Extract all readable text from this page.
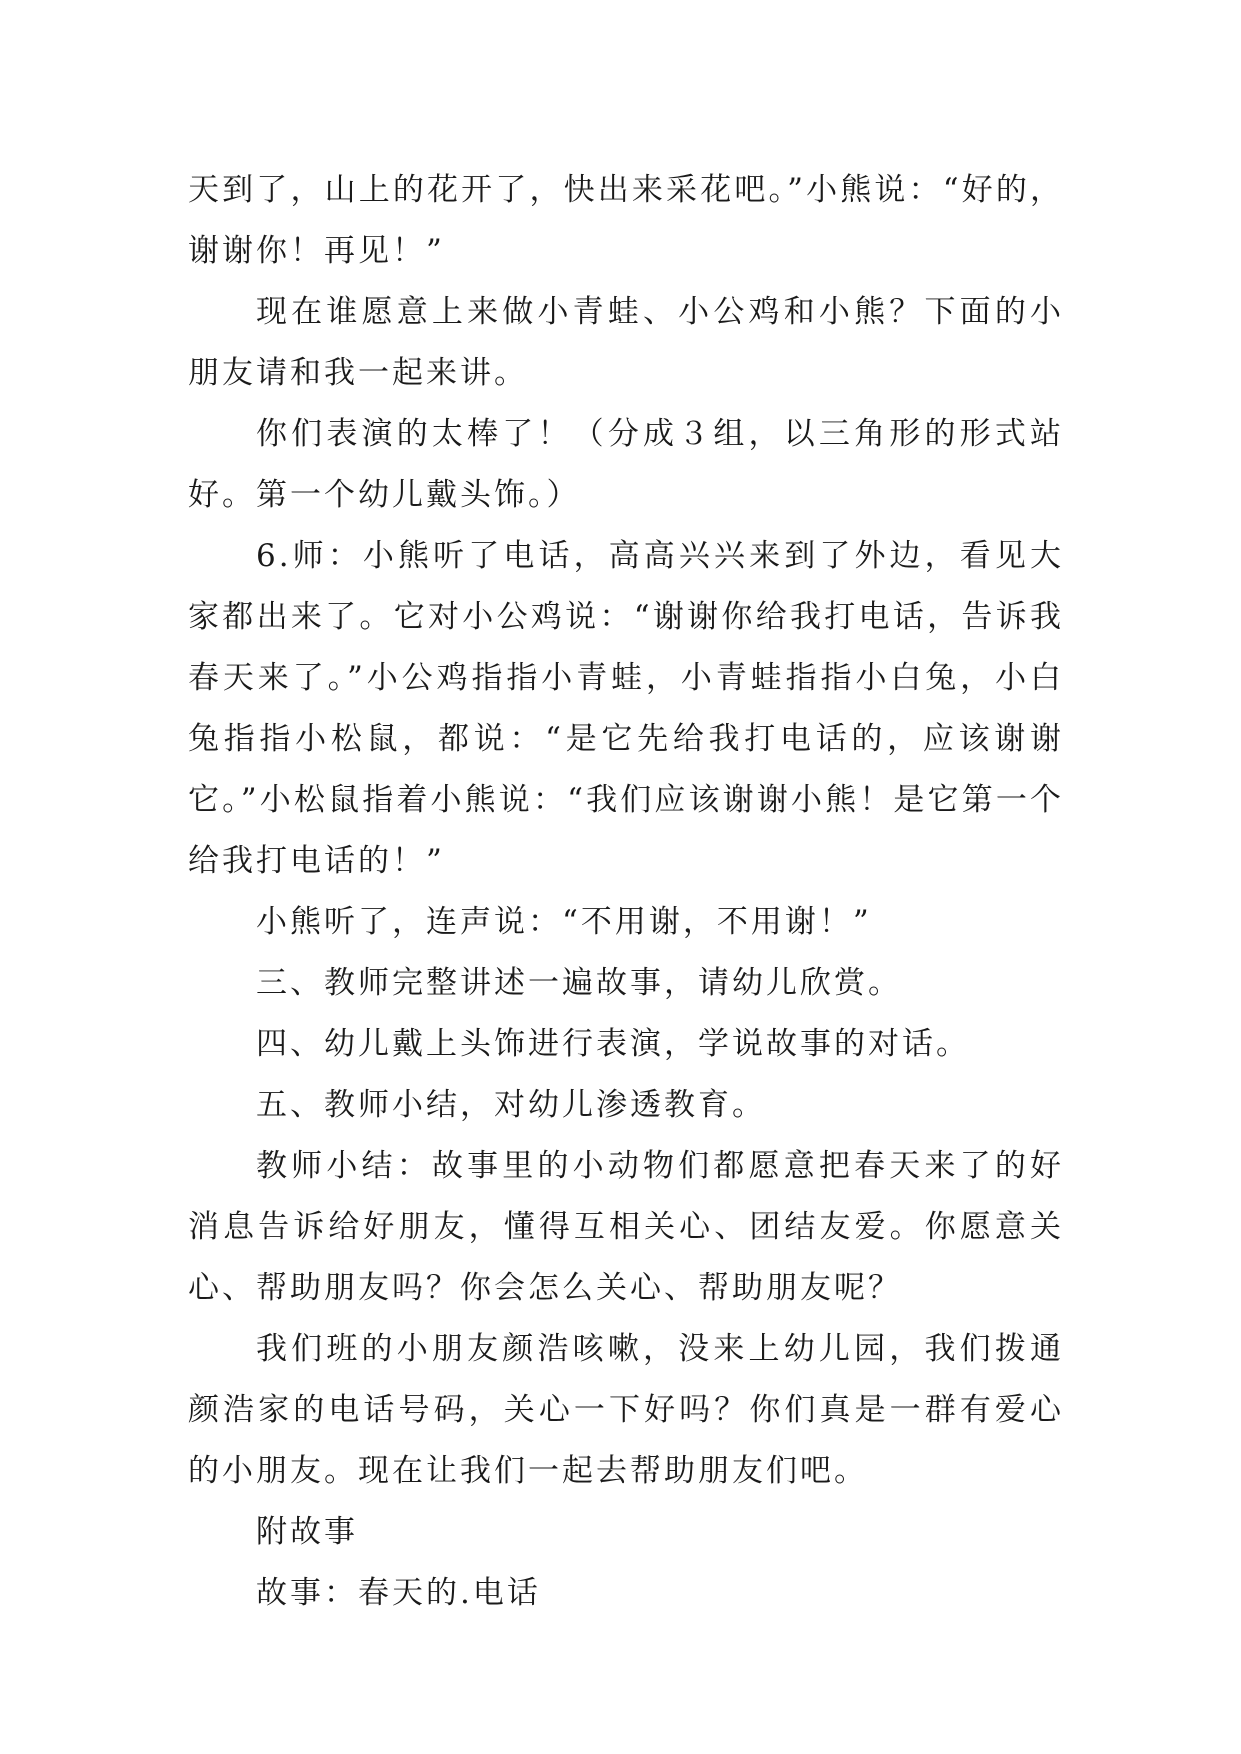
天到了，山上的花开了，快出来采花吧。”小熊说：“好的，谢谢你！再见！”

现在谁愿意上来做小青蛙、小公鸡和小熊？下面的小朋友请和我一起来讲。

你们表演的太棒了！（分成３组，以三角形的形式站好。第一个幼儿戴头饰。）

6.师：小熊听了电话，高高兴兴来到了外边，看见大家都出来了。它对小公鸡说：“谢谢你给我打电话，告诉我春天来了。”小公鸡指指小青蛙，小青蛙指指小白兔，小白兔指指小松鼠，都说：“是它先给我打电话的，应该谢谢它。”小松鼠指着小熊说：“我们应该谢谢小熊！是它第一个给我打电话的！”

小熊听了，连声说：“不用谢，不用谢！”

三、教师完整讲述一遍故事，请幼儿欣赏。

四、幼儿戴上头饰进行表演，学说故事的对话。

五、教师小结，对幼儿渗透教育。

教师小结：故事里的小动物们都愿意把春天来了的好消息告诉给好朋友，懂得互相关心、团结友爱。你愿意关心、帮助朋友吗？你会怎么关心、帮助朋友呢？

我们班的小朋友颜浩咳嗽，没来上幼儿园，我们拨通颜浩家的电话号码，关心一下好吗？你们真是一群有爱心的小朋友。现在让我们一起去帮助朋友们吧。

附故事

故事：春天的.电话
